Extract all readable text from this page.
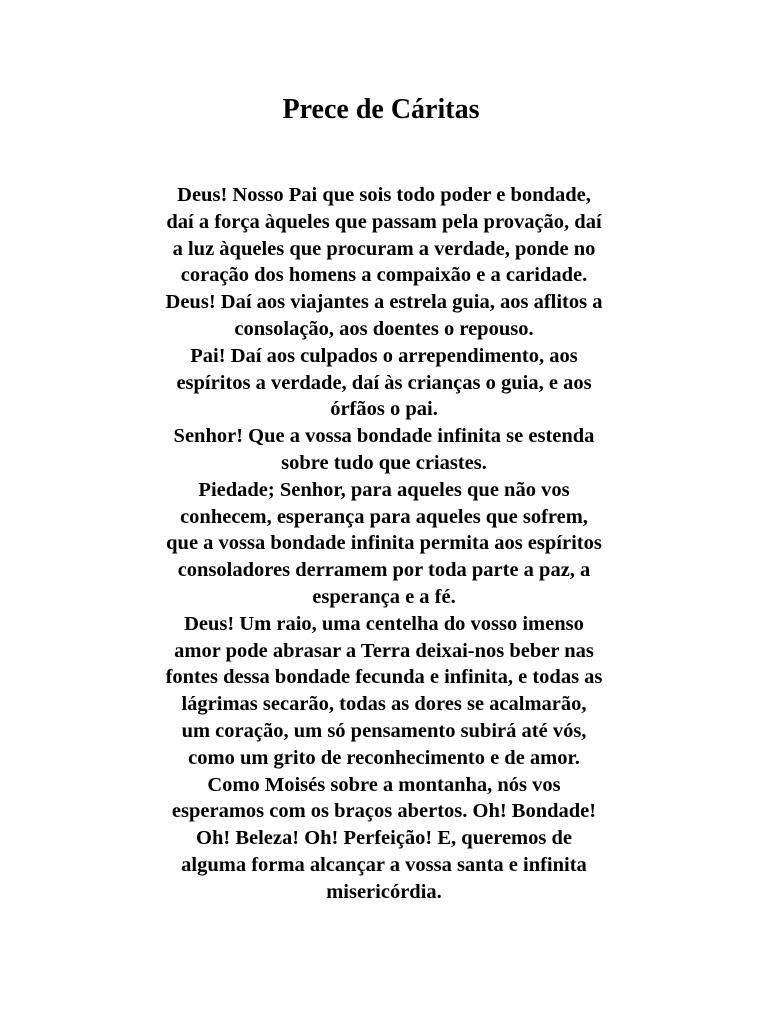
Prece de Cáritas

Deus! Nosso Pai que sois todo poder e bondade,
daí a força àqueles que passam pela provação, daí
a luz àqueles que procuram a verdade, ponde no
coração dos homens a compaixão e a caridade.
Deus! Daí aos viajantes a estrela guia, aos aflitos a
consolação, aos doentes o repouso.
Pai! Daí aos culpados o arrependimento, aos
espíritos a verdade, daí às crianças o guia, e aos
órfãos o pai.
Senhor! Que a vossa bondade infinita se estenda
sobre tudo que criastes.
Piedade; Senhor, para aqueles que não vos
conhecem, esperança para aqueles que sofrem,
que a vossa bondade infinita permita aos espíritos
consoladores derramem por toda parte a paz, a
esperança e a fé.
Deus! Um raio, uma centelha do vosso imenso
amor pode abrasar a Terra deixai-nos beber nas
fontes dessa bondade fecunda e infinita, e todas as
lágrimas secarão, todas as dores se acalmarão,
um coração, um só pensamento subirá até vós,
como um grito de reconhecimento e de amor.
Como Moisés sobre a montanha, nós vos
esperamos com os braços abertos. Oh! Bondade!
Oh! Beleza! Oh! Perfeição! E, queremos de
alguma forma alcançar a vossa santa e infinita
misericórdia.
